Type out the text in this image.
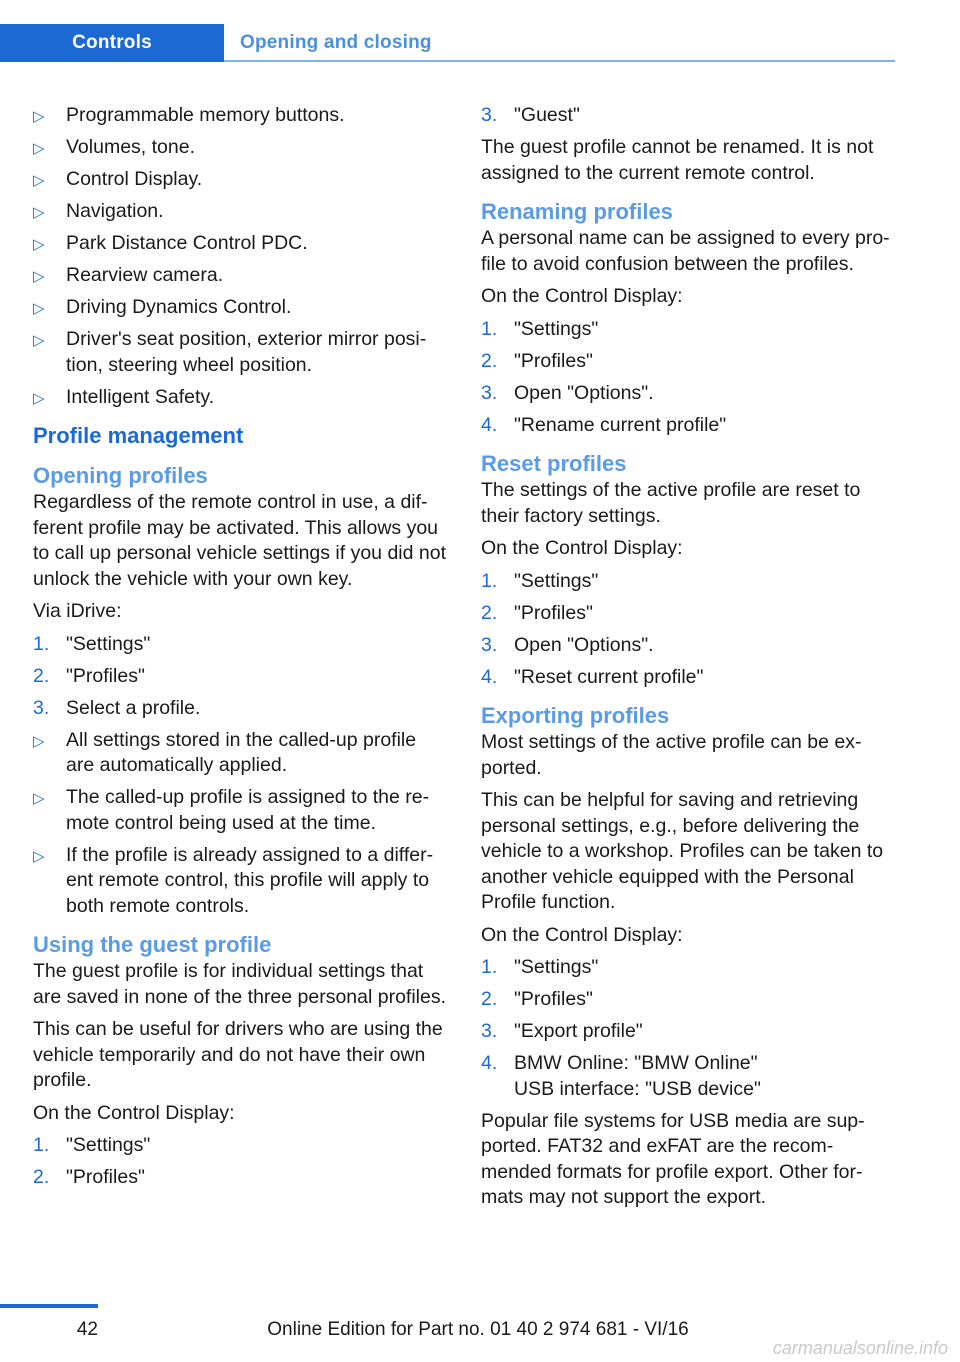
Controls	Opening and closing
▷ Programmable memory buttons.
▷ Volumes, tone.
▷ Control Display.
▷ Navigation.
▷ Park Distance Control PDC.
▷ Rearview camera.
▷ Driving Dynamics Control.
▷ Driver's seat position, exterior mirror position, steering wheel position.
▷ Intelligent Safety.
Profile management
Opening profiles

Regardless of the remote control in use, a different profile may be activated. This allows you to call up personal vehicle settings if you did not unlock the vehicle with your own key.

Via iDrive:

1. "Settings"
2. "Profiles"
3. Select a profile.
▷ All settings stored in the called-up profile are automatically applied.
▷ The called-up profile is assigned to the remote control being used at the time.
▷ If the profile is already assigned to a different remote control, this profile will apply to both remote controls.
Using the guest profile

The guest profile is for individual settings that are saved in none of the three personal profiles.

This can be useful for drivers who are using the vehicle temporarily and do not have their own profile.

On the Control Display:

1. "Settings"
2. "Profiles"
3. "Guest"

The guest profile cannot be renamed. It is not assigned to the current remote control.

Renaming profiles

A personal name can be assigned to every profile to avoid confusion between the profiles.

On the Control Display:

1. "Settings"
2. "Profiles"
3. Open "Options".
4. "Rename current profile"
Reset profiles

The settings of the active profile are reset to their factory settings.

On the Control Display:

1. "Settings"
2. "Profiles"
3. Open "Options".
4. "Reset current profile"
Exporting profiles

Most settings of the active profile can be exported.

This can be helpful for saving and retrieving personal settings, e.g., before delivering the vehicle to a workshop. Profiles can be taken to another vehicle equipped with the Personal Profile function.

On the Control Display:

1. "Settings"
2. "Profiles"
3. "Export profile"
4. BMW Online: "BMW Online"
USB interface: "USB device"

Popular file systems for USB media are supported. FAT32 and exFAT are the recommended formats for profile export. Other formats may not support the export.

42	Online Edition for Part no. 01 40 2 974 681 - VI/16
carmanualsonline.info
